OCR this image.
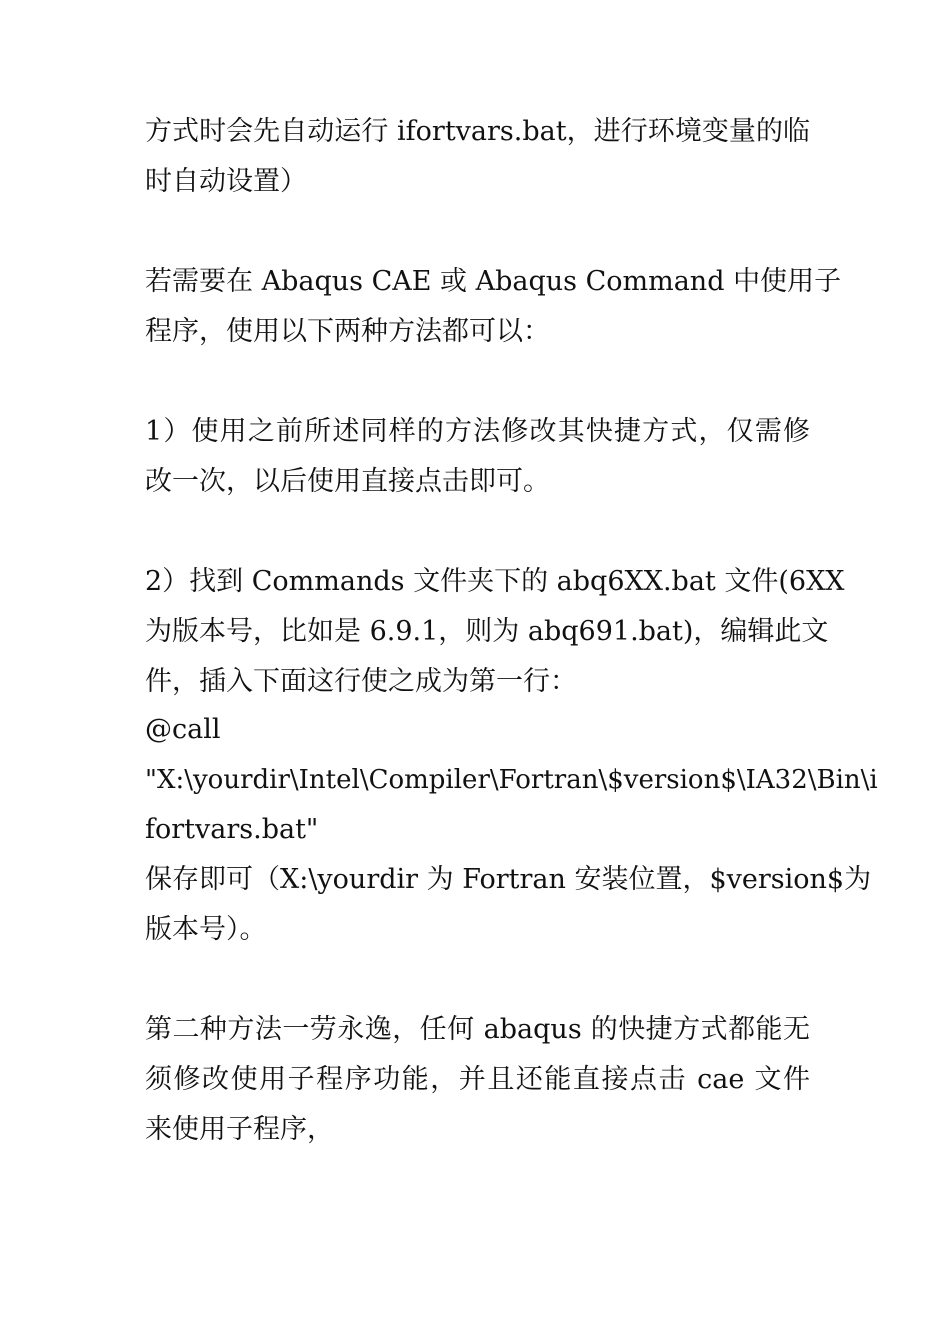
方式时会先自动运行 ifortvars.bat，进行环境变量的临
时自动设置）
若需要在 Abaqus CAE 或 Abaqus Command 中使用子
程序，使用以下两种方法都可以：
1）使用之前所述同样的方法修改其快捷方式，仅需修
改一次，以后使用直接点击即可。
2）找到 Commands 文件夹下的 abq6XX.bat 文件(6XX
为版本号，比如是 6.9.1，则为 abq691.bat)，编辑此文
件，插入下面这行使之成为第一行：
@call
"X:\yourdir\Intel\Compiler\Fortran\$version$\IA32\Bin\i
fortvars.bat"
保存即可（X:\yourdir 为 Fortran 安装位置，$version$为
版本号）。
第二种方法一劳永逸，任何 abaqus 的快捷方式都能无
须修改使用子程序功能，并且还能直接点击 cae 文件
来使用子程序，
